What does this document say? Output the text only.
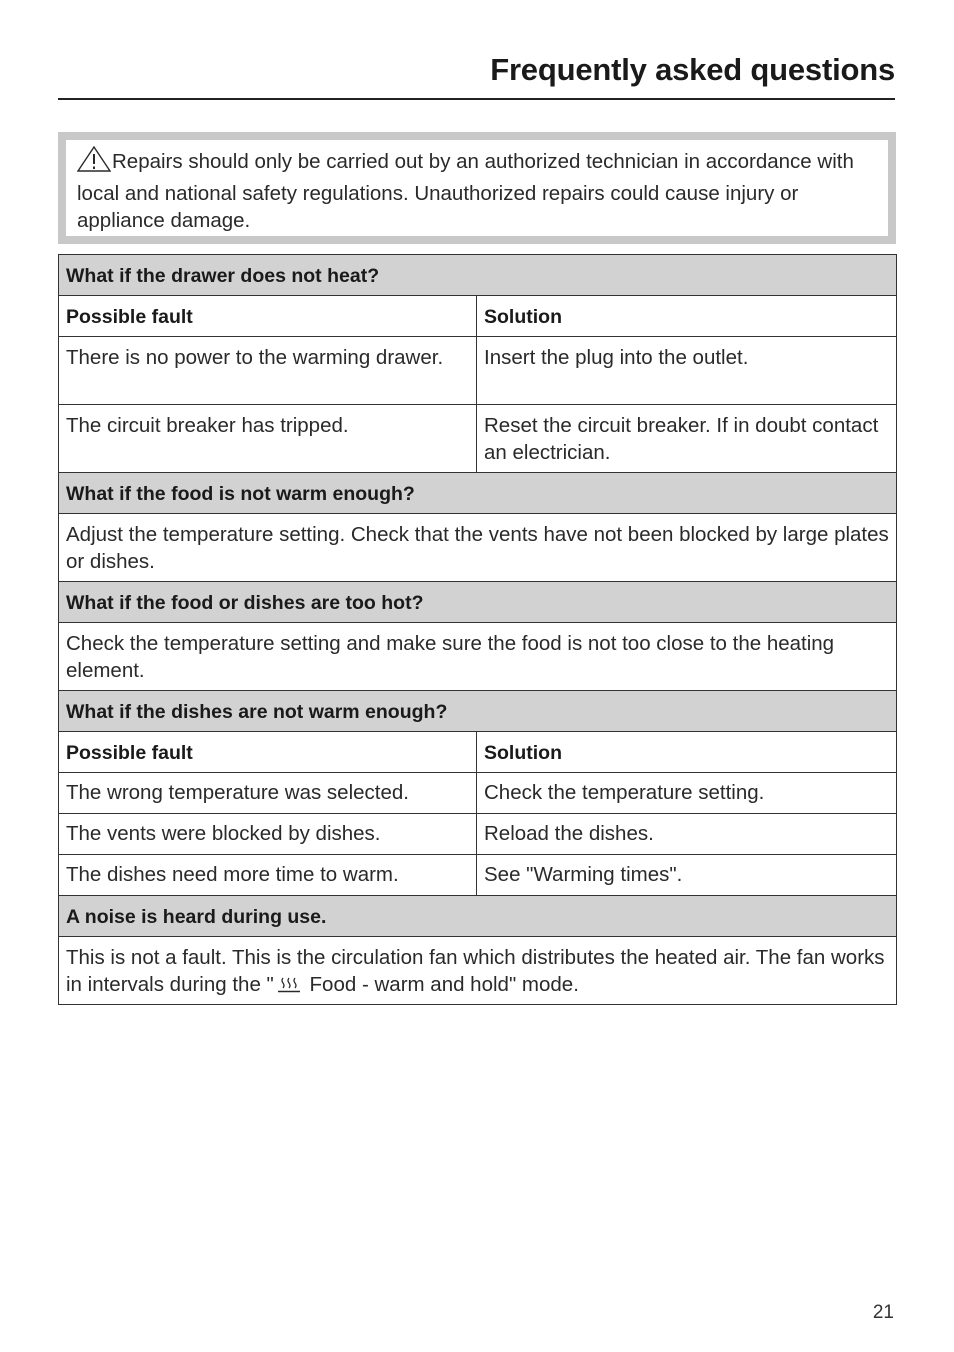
Frequently asked questions
Repairs should only be carried out by an authorized technician in accordance with local and national safety regulations. Unauthorized repairs could cause injury or appliance damage.
What if the drawer does not heat?	
Possible fault	Solution
There is no power to the warming drawer.	Insert the plug into the outlet.
The circuit breaker has tripped.	Reset the circuit breaker. If in doubt contact an electrician.
What if the food is not warm enough?	
Adjust the temperature setting. Check that the vents have not been blocked by large plates or dishes.	
What if the food or dishes are too hot?	
Check the temperature setting and make sure the food is not too close to the heating element.	
What if the dishes are not warm enough?	
Possible fault	Solution
The wrong temperature was selected.	Check the temperature setting.
The vents were blocked by dishes.	Reload the dishes.
The dishes need more time to warm.	See "Warming times".
A noise is heard during use.	
This is not a fault. This is the circulation fan which distributes the heated air. The fan works in intervals during the " Food - warm and hold" mode.	
21
